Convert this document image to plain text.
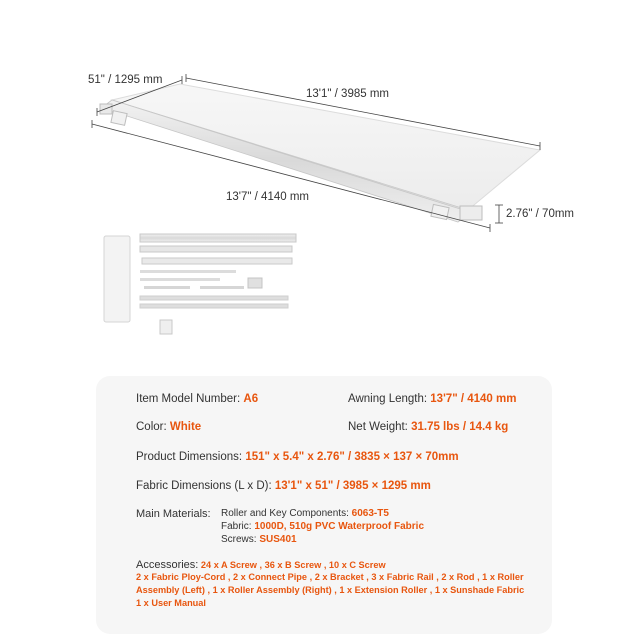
51" / 1295 mm
13'1" / 3985 mm
13'7" / 4140 mm
2.76" / 70mm
Item Model Number: A6	Awning Length: 13'7" / 4140 mm
Color: White	Net Weight: 31.75 lbs / 14.4 kg
Product Dimensions: 151" x 5.4" x 2.76" / 3835 × 137 × 70mm
Fabric Dimensions (L x D): 13'1" x 51" / 3985 × 1295 mm
Main Materials: Roller and Key Components: 6063-T5
Fabric: 1000D, 510g PVC Waterproof Fabric
Screws: SUS401
Accessories: 24 x A Screw , 36 x B Screw , 10 x C Screw
2 x Fabric Ploy-Cord , 2 x Connect Pipe , 2 x Bracket , 3 x Fabric Rail , 2 x Rod , 1 x Roller
Assembly (Left) , 1 x Roller Assembly (Right) , 1 x Extension Roller , 1 x Sunshade Fabric
1 x User Manual
